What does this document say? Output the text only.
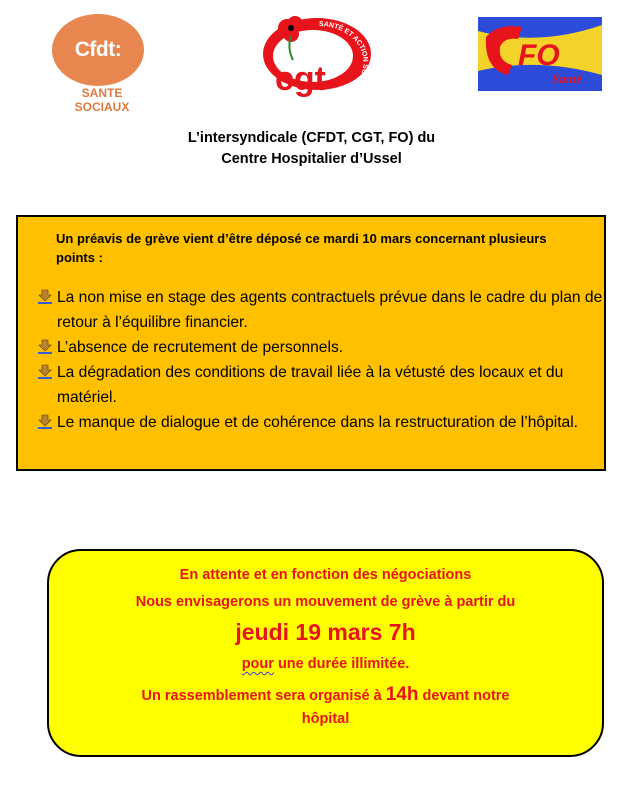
Cfdt:
SANTE SOCIAUX
SANTÉ ET ACTION SO
cgt
FO
Santé
L’intersyndicale (CFDT, CGT, FO) du
Centre Hospitalier d’Ussel
Un préavis de grève vient d’être déposé ce mardi 10 mars concernant plusieurs points :
La non mise en stage des agents contractuels prévue dans le cadre du plan de retour à l’équilibre financier.
L’absence de recrutement de personnels.
La dégradation des conditions de travail liée à la vétusté des locaux et du matériel.
Le manque de dialogue et de cohérence dans la restructuration de l’hôpital.
En attente et en fonction des négociations
Nous envisagerons un mouvement de grève à partir du
jeudi 19 mars 7h
pour une durée illimitée.
Un rassemblement sera organisé à 14h devant notre
hôpital
